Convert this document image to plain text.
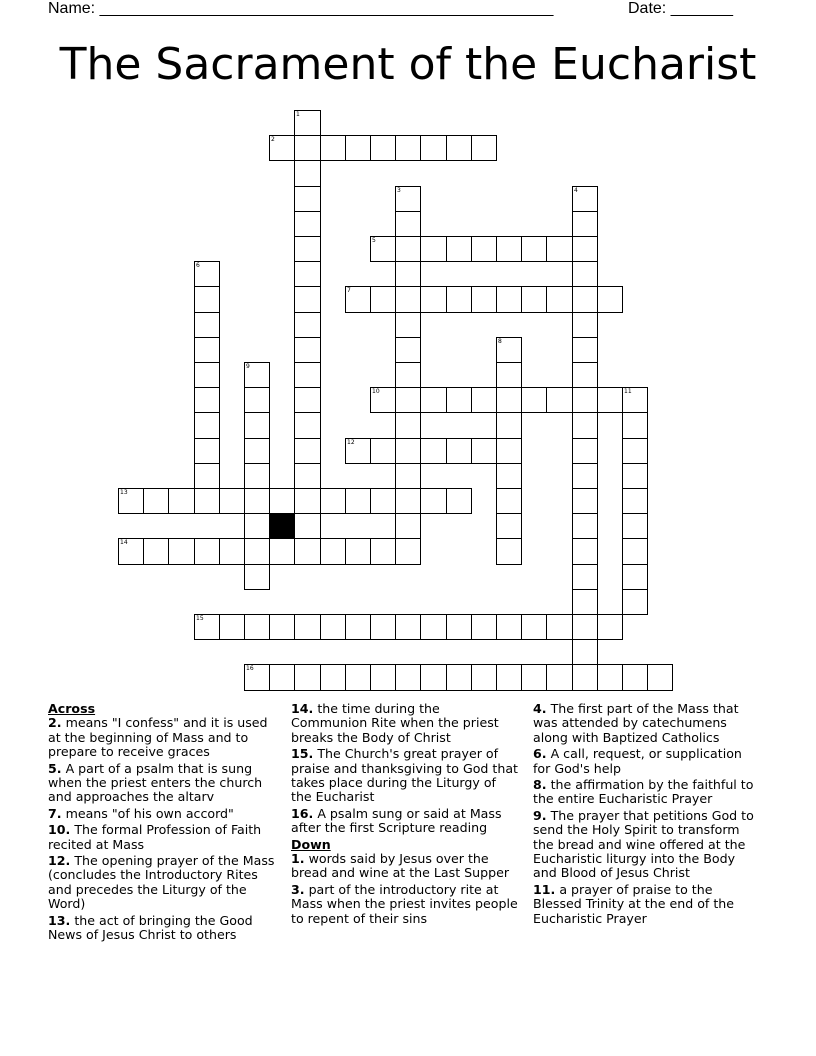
Name: ___________________________________________________	Date: _______
The Sacrament of the Eucharist
1
2
3	4
5
6
7
8
9
10	11
12
13
14
15
16
Across
2. means "I confess" and it is used at the beginning of Mass and to prepare to receive graces
5. A part of a psalm that is sung when the priest enters the church and approaches the altarv
7. means "of his own accord"
10. The formal Profession of Faith recited at Mass
12. The opening prayer of the Mass (concludes the Introductory Rites and precedes the Liturgy of the Word)
13. the act of bringing the Good News of Jesus Christ to others
14. the time during the Communion Rite when the priest breaks the Body of Christ
15. The Church's great prayer of praise and thanksgiving to God that takes place during the Liturgy of the Eucharist
16. A psalm sung or said at Mass after the first Scripture reading
Down
1. words said by Jesus over the bread and wine at the Last Supper
3. part of the introductory rite at Mass when the priest invites people to repent of their sins
4. The first part of the Mass that was attended by catechumens along with Baptized Catholics
6. A call, request, or supplication for God's help
8. the affirmation by the faithful to the entire Eucharistic Prayer
9. The prayer that petitions God to send the Holy Spirit to transform the bread and wine offered at the Eucharistic liturgy into the Body and Blood of Jesus Christ
11. a prayer of praise to the Blessed Trinity at the end of the Eucharistic Prayer
